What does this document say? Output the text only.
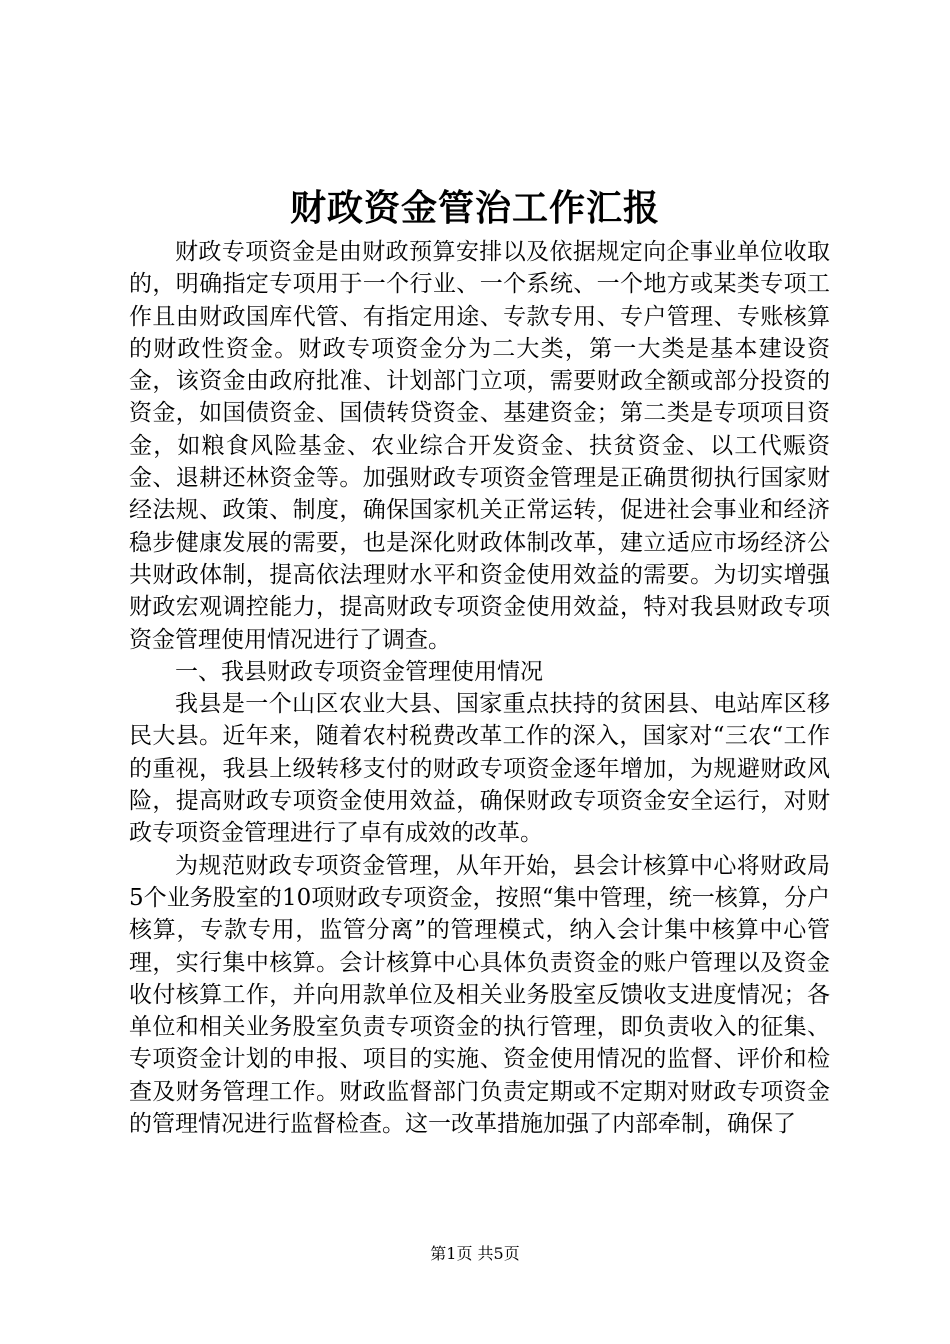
财政资金管治工作汇报

财政专项资金是由财政预算安排以及依据规定向企事业单位收取的，明确指定专项用于一个行业、一个系统、一个地方或某类专项工作且由财政国库代管、有指定用途、专款专用、专户管理、专账核算的财政性资金。财政专项资金分为二大类，第一大类是基本建设资金，该资金由政府批准、计划部门立项，需要财政全额或部分投资的资金，如国债资金、国债转贷资金、基建资金；第二类是专项项目资金，如粮食风险基金、农业综合开发资金、扶贫资金、以工代赈资金、退耕还林资金等。加强财政专项资金管理是正确贯彻执行国家财经法规、政策、制度，确保国家机关正常运转，促进社会事业和经济稳步健康发展的需要，也是深化财政体制改革，建立适应市场经济公共财政体制，提高依法理财水平和资金使用效益的需要。为切实增强财政宏观调控能力，提高财政专项资金使用效益，特对我县财政专项资金管理使用情况进行了调查。

一、我县财政专项资金管理使用情况

我县是一个山区农业大县、国家重点扶持的贫困县、电站库区移民大县。近年来，随着农村税费改革工作的深入，国家对“三农“工作的重视，我县上级转移支付的财政专项资金逐年增加，为规避财政风险，提高财政专项资金使用效益，确保财政专项资金安全运行，对财政专项资金管理进行了卓有成效的改革。

为规范财政专项资金管理，从年开始，县会计核算中心将财政局5个业务股室的10项财政专项资金，按照“集中管理，统一核算，分户核算，专款专用，监管分离”的管理模式，纳入会计集中核算中心管理，实行集中核算。会计核算中心具体负责资金的账户管理以及资金收付核算工作，并向用款单位及相关业务股室反馈收支进度情况；各单位和相关业务股室负责专项资金的执行管理，即负责收入的征集、专项资金计划的申报、项目的实施、资金使用情况的监督、评价和检查及财务管理工作。财政监督部门负责定期或不定期对财政专项资金的管理情况进行监督检查。这一改革措施加强了内部牵制，确保了

第1页 共5页
